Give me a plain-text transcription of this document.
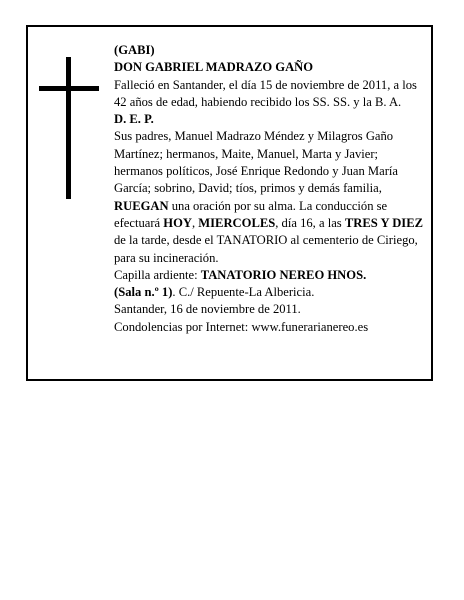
(GABI)

DON GABRIEL MADRAZO GAÑO

Falleció en Santander, el día 15 de noviembre de 2011, a los 42 años de edad, habiendo recibido los SS. SS. y la B. A.

D. E. P.

Sus padres, Manuel Madrazo Méndez y Milagros Gaño Martínez; hermanos, Maite, Manuel, Marta y Javier; hermanos políticos, José Enrique Redondo y Juan María García; sobrino, David; tíos, primos y demás familia,

RUEGAN una oración por su alma. La conducción se efectuará HOY, MIERCOLES, día 16, a las TRES Y DIEZ de la tarde, desde el TANATORIO al cementerio de Ciriego, para su incineración.

Capilla ardiente: TANATORIO NEREO HNOS.

(Sala n.º 1). C./ Repuente-La Albericia.

Santander, 16 de noviembre de 2011.

Condolencias por Internet: www.funerarianereo.es
